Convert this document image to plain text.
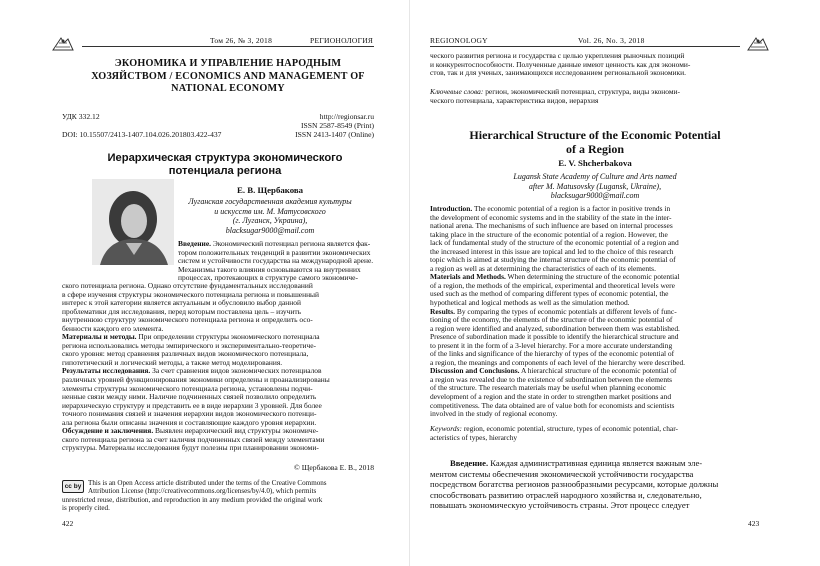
Том 26, № 3, 2018	РЕГИОНОЛОГИЯ
ЭКОНОМИКА И УПРАВЛЕНИЕ НАРОДНЫМ ХОЗЯЙСТВОМ / ECONOMICS AND MANAGEMENT OF NATIONAL ECONOMY
УДК 332.12	http://regionsar.ru
ISSN 2587-8549 (Print)
DOI: 10.15507/2413-1407.104.026.201803.422-437	ISSN 2413-1407 (Online)
Иерархическая структура экономического потенциала региона
Е. В. Щербакова
Луганская государственная академия культуры
и искусств им. М. Матусовского
(г. Луганск, Украина),
blacksugar9000@mail.com

Введение. Экономический потенциал региона является фак-

тором положительных тенденций в развитии экономических

систем и устойчивости государства на международной арене.

Механизмы такого влияния основываются на внутренних

процессах, протекающих в структуре самого экономиче-

ского потенциала региона. Однако отсутствие фундаментальных исследований

в сфере изучения структуры экономического потенциала региона и повышенный

интерес к этой категории является актуальным и обусловило выбор данной

проблематики для исследования, перед которым поставлена цель – изучить

внутреннюю структуру экономического потенциала региона и определить осо-

бенности каждого его элемента.

Материалы и методы. При определении структуры экономического потенциала

региона использовались методы эмпирического и экспериментально-теоретиче-

ского уровня: метод сравнения различных видов экономического потенциала,

гипотетический и логический методы, а также метод моделирования.

Результаты исследования. За счет сравнения видов экономических потенциалов

различных уровней функционирования экономики определены и проанализированы

элементы структуры экономического потенциала региона, установлены подчи-

ненные связи между ними. Наличие подчиненных связей позволило определить

иерархическую структуру и представить ее в виде иерархии 3 уровней. Для более

точного понимания связей и значения иерархии видов экономического потенци-

ала региона были описаны значения и составляющие каждого уровня иерархии.

Обсуждение и заключения. Выявлен иерархический вид структуры экономиче-

ского потенциала региона за счет наличия подчиненных связей между элементами

структуры. Материалы исследования будут полезны при планировании экономи-

© Щербакова Е. В., 2018
cc by This is an Open Access article distributed under the terms of the Creative Commons

Attribution License (http://creativecommons.org/licenses/by/4.0), which permits

unrestricted reuse, distribution, and reproduction in any medium provided the original work

is properly cited.

422
REGIONOLOGY	Vol. 26, No. 3, 2018

ческого развития региона и государства с целью укрепления рыночных позиций

и конкурентоспособности. Полученные данные имеют ценность как для экономи-

стов, так и для ученых, занимающихся исследованием региональной экономики.

Ключевые слова: регион, экономический потенциал, структура, виды экономи-
ческого потенциала, характеристика видов, иерархия
Hierarchical Structure of the Economic Potential
of a Region
E. V. Shcherbakova
Lugansk State Academy of Culture and Arts named
after M. Matusovsky (Lugansk, Ukraine),
blacksugar9000@mail.com

Introduction. The economic potential of a region is a factor in positive trends in

the development of economic systems and in the stability of the state in the inter-

national arena. The mechanisms of such influence are based on internal processes

taking place in the structure of the economic potential of a region. However, the

lack of fundamental study of the structure of the economic potential of a region and

the increased interest in this issue are topical and led to the choice of this research

topic which is aimed at studying the internal structure of the economic potential of

a region as well as at determining the characteristics of each of its elements.

Materials and Methods. When determining the structure of the economic potential

of a region, the methods of the empirical, experimental and theoretical levels were

used such as the method of comparing different types of economic potential, the

hypothetical and logical methods as well as the simulation method.

Results. By comparing the types of economic potentials at different levels of func-

tioning of the economy, the elements of the structure of the economic potential of

a region were identified and analyzed, subordination between them was established.

Presence of subordination made it possible to identify the hierarchical structure and

to present it in the form of a 3-level hierarchy. For a more accurate understanding

of the links and significance of the hierarchy of types of the economic potential of

a region, the meanings and components of each level of the hierarchy were described.

Discussion and Conclusions. A hierarchical structure of the economic potential of

a region was revealed due to the existence of subordination between the elements

of the structure. The research materials may be useful when planning economic

development of a region and the state in order to strengthen market positions and

competitiveness. The data obtained are of value both for economists and scientists

involved in the study of regional economy.

Keywords: region, economic potential, structure, types of economic potential, char-
acteristics of types, hierarchy
Введение. Каждая административная единица является важным эле-
ментом системы обеспечения экономической устойчивости государства
посредством богатства регионов разнообразными ресурсами, которые должны
способствовать развитию отраслей народного хозяйства и, следовательно,
повышать экономическую устойчивость страны. Этот процесс следует
423
